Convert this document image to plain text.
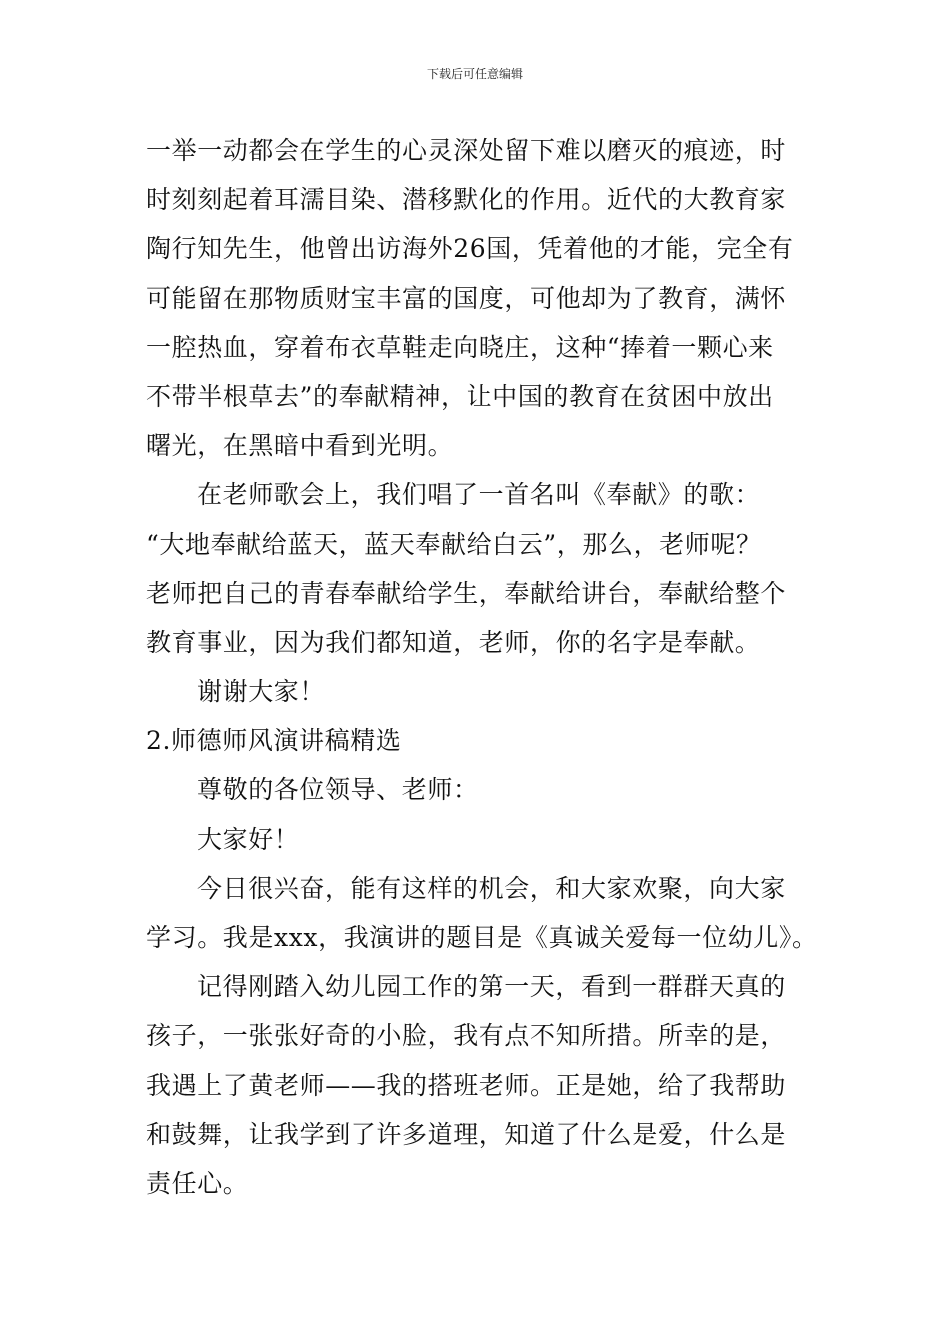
下载后可任意编辑
一举一动都会在学生的心灵深处留下难以磨灭的痕迹，时
时刻刻起着耳濡目染、潜移默化的作用。近代的大教育家
陶行知先生，他曾出访海外26国，凭着他的才能，完全有
可能留在那物质财宝丰富的国度，可他却为了教育，满怀
一腔热血，穿着布衣草鞋走向晓庄，这种“捧着一颗心来
不带半根草去”的奉献精神，让中国的教育在贫困中放出
曙光，在黑暗中看到光明。
在老师歌会上，我们唱了一首名叫《奉献》的歌：
“大地奉献给蓝天，蓝天奉献给白云”，那么，老师呢？
老师把自己的青春奉献给学生，奉献给讲台，奉献给整个
教育事业，因为我们都知道，老师，你的名字是奉献。
谢谢大家！
2.师德师风演讲稿精选
尊敬的各位领导、老师：
大家好！
今日很兴奋，能有这样的机会，和大家欢聚，向大家
学习。我是xxx，我演讲的题目是《真诚关爱每一位幼儿》。
记得刚踏入幼儿园工作的第一天，看到一群群天真的
孩子，一张张好奇的小脸，我有点不知所措。所幸的是，
我遇上了黄老师——我的搭班老师。正是她，给了我帮助
和鼓舞，让我学到了许多道理，知道了什么是爱，什么是
责任心。
